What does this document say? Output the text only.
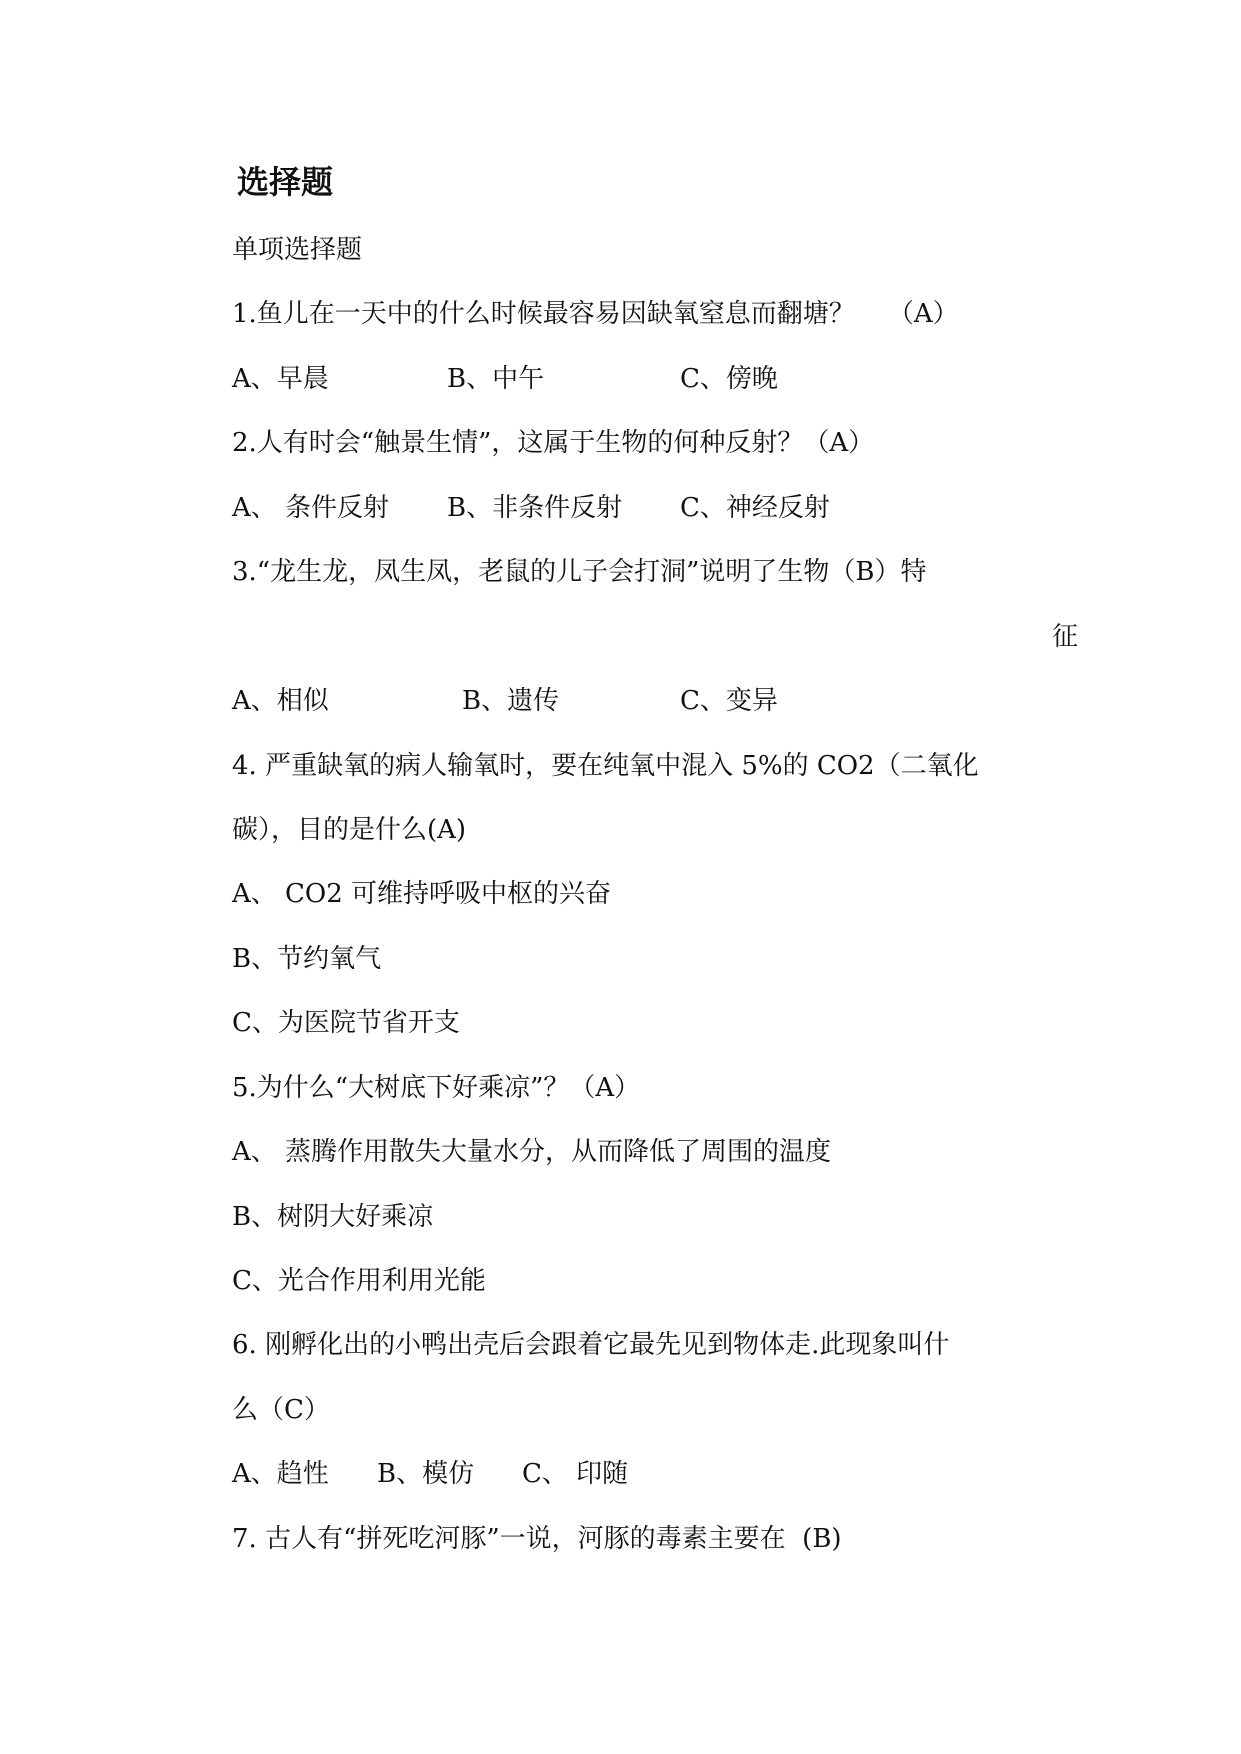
选择题

单项选择题

1.鱼儿在一天中的什么时候最容易因缺氧窒息而翻塘？    （A）

A、早晨

	B、中午

	C、傍晚

2.人有时会“触景生情”，这属于生物的何种反射？（A）

A、 条件反射

B、非条件反射

C、神经反射

3.“龙生龙，凤生凤，老鼠的儿子会打洞”说明了生物（B）特

征

A、相似

	B、遗传

	C、变异

4. 严重缺氧的病人输氧时，要在纯氧中混入 5%的 CO2（二氧化

碳），目的是什么(A)

A、 CO2 可维持呼吸中枢的兴奋

B、节约氧气

C、为医院节省开支

5.为什么“大树底下好乘凉”？（A）

A、 蒸腾作用散失大量水分，从而降低了周围的温度

B、树阴大好乘凉

C、光合作用利用光能

6. 刚孵化出的小鸭出壳后会跟着它最先见到物体走.此现象叫什

么（C）

A、趋性

B、模仿

C、 印随

7. 古人有“拼死吃河豚”一说，河豚的毒素主要在  (B)
